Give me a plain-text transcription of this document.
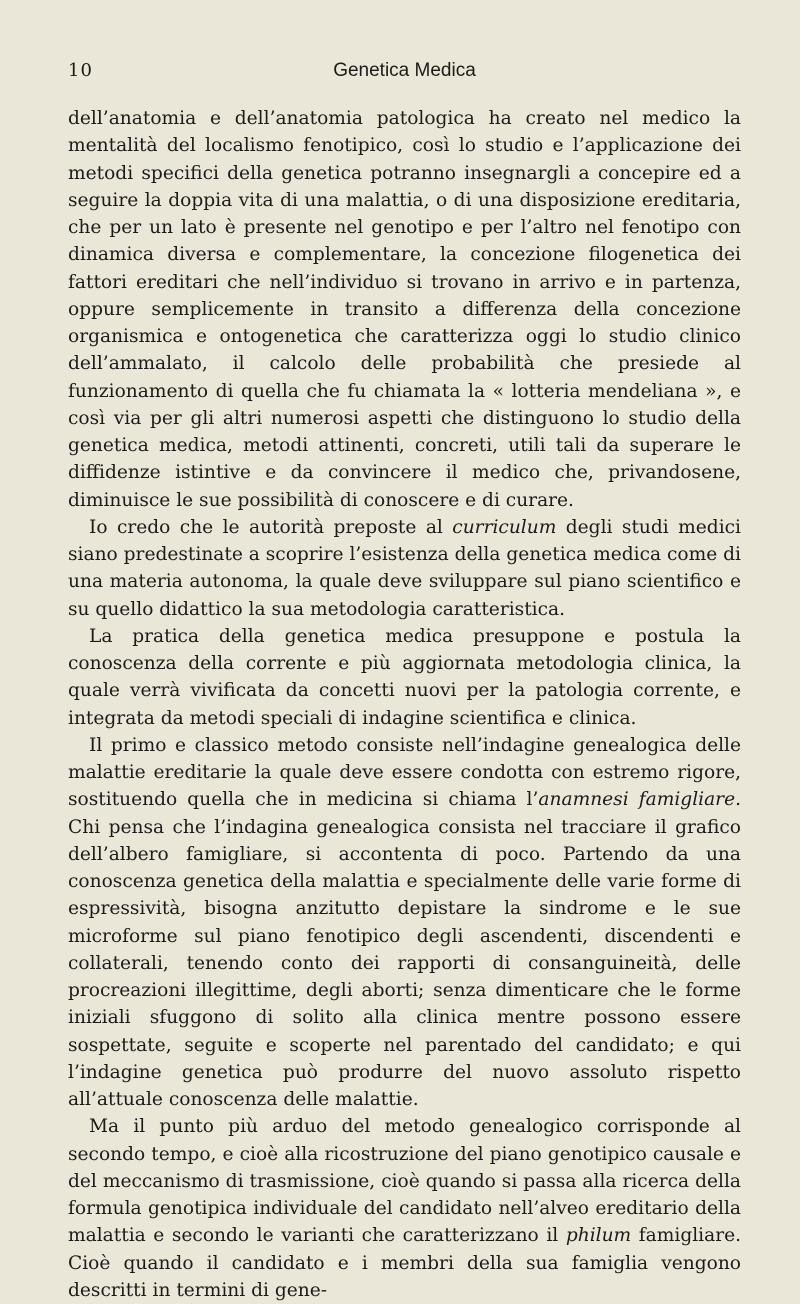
10	Genetica Medica

dell’anatomia e dell’anatomia patologica ha creato nel medico la mentalità del localismo fenotipico, così lo studio e l’applicazione dei metodi specifici della genetica potranno insegnargli a concepire ed a seguire la doppia vita di una malattia, o di una disposizione ereditaria, che per un lato è presente nel genotipo e per l’altro nel fenotipo con dinamica diversa e complementare, la concezione filogenetica dei fattori ereditari che nell’individuo si trovano in arrivo e in partenza, oppure semplicemente in transito a differenza della concezione organismica e ontogenetica che caratterizza oggi lo studio clinico dell’ammalato, il calcolo delle probabilità che presiede al funzionamento di quella che fu chiamata la « lotteria mendeliana », e così via per gli altri numerosi aspetti che distinguono lo studio della genetica medica, metodi attinenti, concreti, utili tali da superare le diffidenze istintive e da convincere il medico che, privandosene, diminuisce le sue possibilità di conoscere e di curare.

Io credo che le autorità preposte al curriculum degli studi medici siano predestinate a scoprire l’esistenza della genetica medica come di una materia autonoma, la quale deve sviluppare sul piano scientifico e su quello didattico la sua metodologia caratteristica.

La pratica della genetica medica presuppone e postula la conoscenza della corrente e più aggiornata metodologia clinica, la quale verrà vivificata da concetti nuovi per la patologia corrente, e integrata da metodi speciali di indagine scientifica e clinica.

Il primo e classico metodo consiste nell’indagine genealogica delle malattie ereditarie la quale deve essere condotta con estremo rigore, sostituendo quella che in medicina si chiama l’anamnesi famigliare. Chi pensa che l’indagina genealogica consista nel tracciare il grafico dell’albero famigliare, si accontenta di poco. Partendo da una conoscenza genetica della malattia e specialmente delle varie forme di espressività, bisogna anzitutto depistare la sindrome e le sue microforme sul piano fenotipico degli ascendenti, discendenti e collaterali, tenendo conto dei rapporti di consanguineità, delle procreazioni illegittime, degli aborti; senza dimenticare che le forme iniziali sfuggono di solito alla clinica mentre possono essere sospettate, seguite e scoperte nel parentado del candidato; e qui l’indagine genetica può produrre del nuovo assoluto rispetto all’attuale conoscenza delle malattie.

Ma il punto più arduo del metodo genealogico corrisponde al secondo tempo, e cioè alla ricostruzione del piano genotipico causale e del meccanismo di trasmissione, cioè quando si passa alla ricerca della formula genotipica individuale del candidato nell’alveo ereditario della malattia e secondo le varianti che caratterizzano il philum famigliare. Cioè quando il candidato e i membri della sua famiglia vengono descritti in termini di gene-
